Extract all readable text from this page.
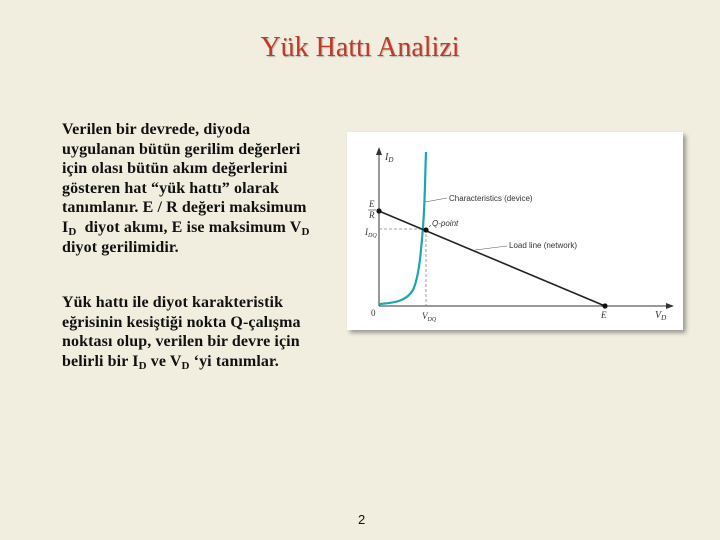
Yük Hattı Analizi
Verilen bir devrede, diyoda
uygulanan bütün gerilim değerleri
için olası bütün akım değerlerini
gösteren hat “yük hattı” olarak
tanımlanır. E / R değeri maksimum
$I_D$  diyot akımı, E ise maksimum $V_D$
diyot gerilimidir.
Yük hattı ile diyot karakteristik
eğrisinin kesiştiği nokta Q-çalışma
noktası olup, verilen bir devre için
belirli bir $I_D$ ve $V_D$ ‘yi tanımlar.
$I_D$
E
R
$I_{DQ}$
0	$V_{DQ}$	E	$V_D$
Characteristics (device)
Q-point
Load line (network)
2
